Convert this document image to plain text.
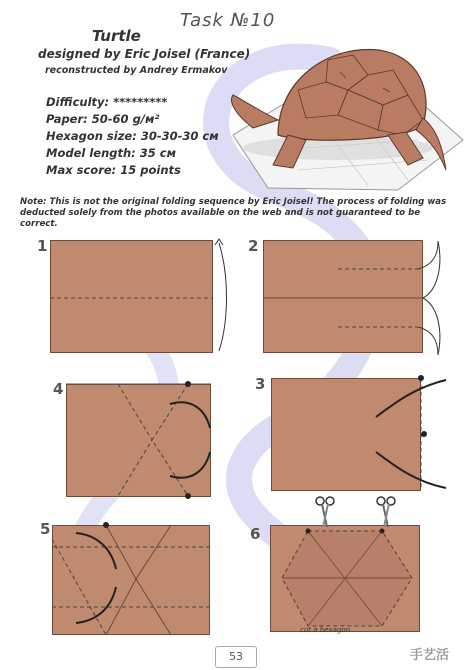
Task №10
Turtle
designed by Eric Joisel (France)
reconstructed by Andrey Ermakov
Difficulty: *********
Paper: 50-60 g/м²
Hexagon size: 30-30-30 см
Model length: 35 см
Max score: 15 points
Note: This is not the original folding sequence by Eric Joisel! The process of folding was deducted solely from the photos available on the web and is not guaranteed to be correct.
1	2
4	3
5	6
cut a hexagon
53	手艺活
